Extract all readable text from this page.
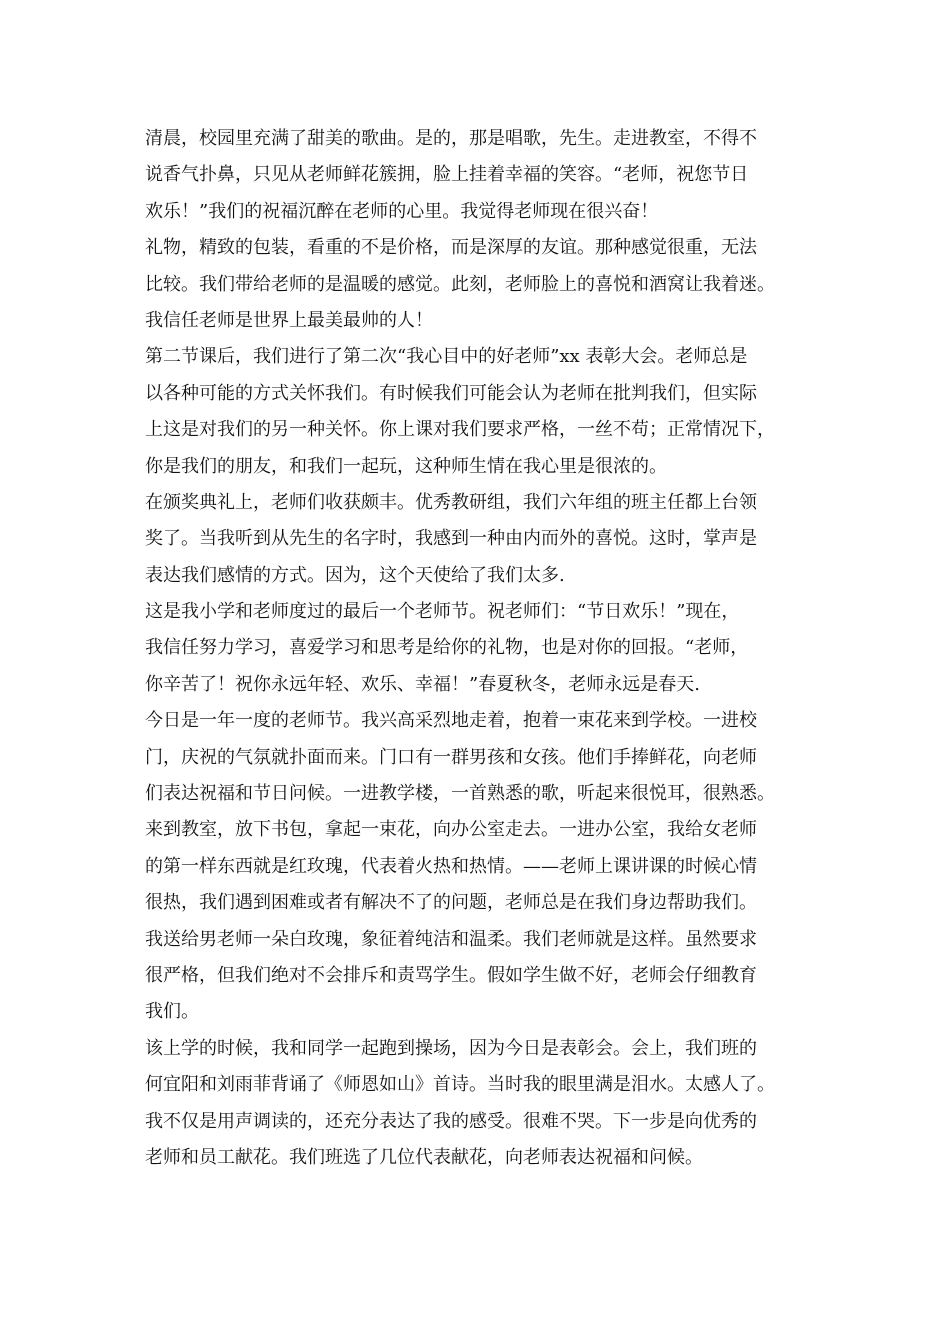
清晨，校园里充满了甜美的歌曲。是的，那是唱歌，先生。走进教室，不得不
说香气扑鼻，只见从老师鲜花簇拥，脸上挂着幸福的笑容。“老师，祝您节日
欢乐！”我们的祝福沉醉在老师的心里。我觉得老师现在很兴奋！
礼物，精致的包装，看重的不是价格，而是深厚的友谊。那种感觉很重，无法
比较。我们带给老师的是温暖的感觉。此刻，老师脸上的喜悦和酒窝让我着迷。
我信任老师是世界上最美最帅的人！
第二节课后，我们进行了第二次“我心目中的好老师”xx 表彰大会。老师总是
以各种可能的方式关怀我们。有时候我们可能会认为老师在批判我们，但实际
上这是对我们的另一种关怀。你上课对我们要求严格，一丝不苟；正常情况下，
你是我们的朋友，和我们一起玩，这种师生情在我心里是很浓的。
在颁奖典礼上，老师们收获颇丰。优秀教研组，我们六年组的班主任都上台领
奖了。当我听到从先生的名字时，我感到一种由内而外的喜悦。这时，掌声是
表达我们感情的方式。因为，这个天使给了我们太多.
这是我小学和老师度过的最后一个老师节。祝老师们：“节日欢乐！”现在，
我信任努力学习，喜爱学习和思考是给你的礼物，也是对你的回报。“老师，
你辛苦了！祝你永远年轻、欢乐、幸福！”春夏秋冬，老师永远是春天.
今日是一年一度的老师节。我兴高采烈地走着，抱着一束花来到学校。一进校
门，庆祝的气氛就扑面而来。门口有一群男孩和女孩。他们手捧鲜花，向老师
们表达祝福和节日问候。一进教学楼，一首熟悉的歌，听起来很悦耳，很熟悉。
来到教室，放下书包，拿起一束花，向办公室走去。一进办公室，我给女老师
的第一样东西就是红玫瑰，代表着火热和热情。——老师上课讲课的时候心情
很热，我们遇到困难或者有解决不了的问题，老师总是在我们身边帮助我们。
我送给男老师一朵白玫瑰，象征着纯洁和温柔。我们老师就是这样。虽然要求
很严格，但我们绝对不会排斥和责骂学生。假如学生做不好，老师会仔细教育
我们。
该上学的时候，我和同学一起跑到操场，因为今日是表彰会。会上，我们班的
何宜阳和刘雨菲背诵了《师恩如山》首诗。当时我的眼里满是泪水。太感人了。
我不仅是用声调读的，还充分表达了我的感受。很难不哭。下一步是向优秀的
老师和员工献花。我们班选了几位代表献花，向老师表达祝福和问候。
